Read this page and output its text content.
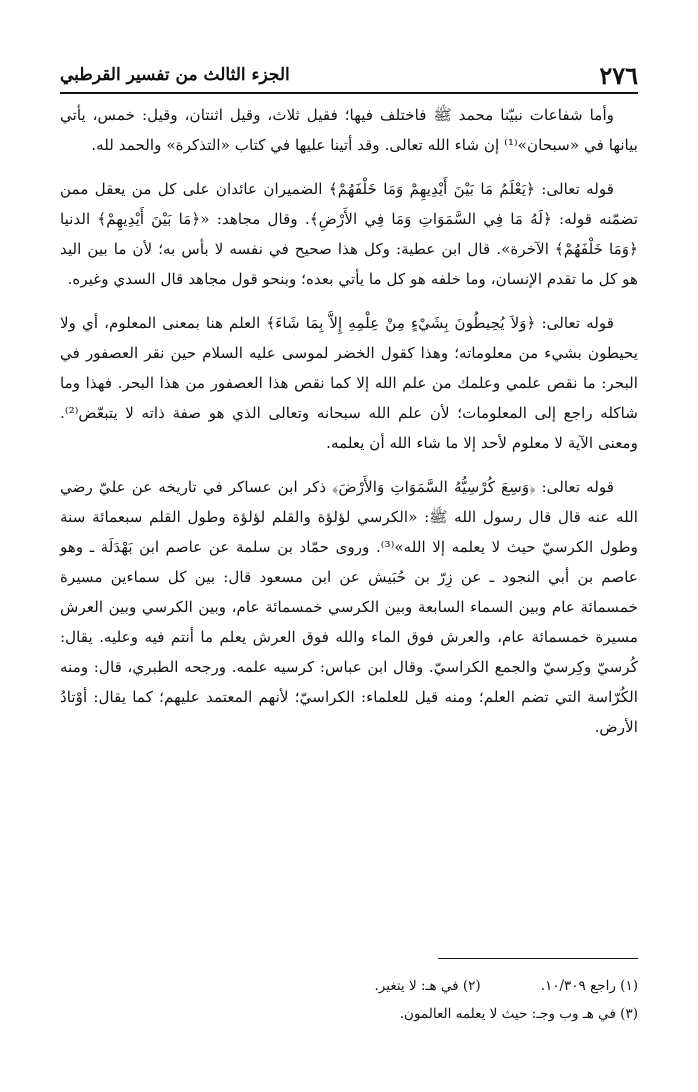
٢٧٦
الجزء الثالث من تفسير القرطبي

وأما شفاعات نبيّنا محمد ﷺ فاختلف فيها؛ فقيل ثلاث، وقيل اثنتان، وقيل: خمس، يأتي بيانها في «سبحان»⁽¹⁾ إن شاء الله تعالى. وقد أتينا عليها في كتاب «التذكرة» والحمد لله.

قوله تعالى: ﴿يَعْلَمُ مَا بَيْنَ أَيْدِيهِمْ وَمَا خَلْفَهُمْ﴾ الضميران عائدان على كل من يعقل ممن تضمّنه قوله: ﴿لَهُ مَا فِي السَّمَوَاتِ وَمَا فِي الأَرْضِ﴾. وقال مجاهد: «﴿مَا بَيْنَ أَيْدِيهِمْ﴾ الدنيا ﴿وَمَا خَلْفَهُمْ﴾ الآخرة». قال ابن عطية: وكل هذا صحيح في نفسه لا بأس به؛ لأن ما بين اليد هو كل ما تقدم الإنسان، وما خلفه هو كل ما يأتي بعده؛ وبنحو قول مجاهد قال السدي وغيره.

قوله تعالى: ﴿وَلاَ يُحِيطُونَ بِشَيْءٍ مِنْ عِلْمِهِ إِلاَّ بِمَا شَاءَ﴾ العلم هنا بمعنى المعلوم، أي ولا يحيطون بشيء من معلوماته؛ وهذا كقول الخضر لموسى عليه السلام حين نقر العصفور في البحر: ما نقص علمي وعلمك من علم الله إلا كما نقص هذا العصفور من هذا البحر. فهذا وما شاكله راجع إلى المعلومات؛ لأن علم الله سبحانه وتعالى الذي هو صفة ذاته لا يتبعّض⁽²⁾. ومعنى الآية لا معلوم لأحد إلا ما شاء الله أن يعلمه.

قوله تعالى: ﴿وَسِعَ كُرْسِيُّهُ السَّمَوَاتِ وَالأَرْضَ﴾ ذكر ابن عساكر في تاريخه عن عليّ رضي الله عنه قال قال رسول الله ﷺ: «الكرسي لؤلؤة والقلم لؤلؤة وطول القلم سبعمائة سنة وطول الكرسيّ حيث لا يعلمه إلا الله»⁽³⁾. وروى حمّاد بن سلمة عن عاصم ابن بَهْدَلَة ـ وهو عاصم بن أبي النجود ـ عن زِرّ بن حُبَيش عن ابن مسعود قال: بين كل سماءين مسيرة خمسمائة عام وبين السماء السابعة وبين الكرسي خمسمائة عام، وبين الكرسي وبين العرش مسيرة خمسمائة عام، والعرش فوق الماء والله فوق العرش يعلم ما أنتم فيه وعليه. يقال: كُرسيّ وكِرسيّ والجمع الكراسيّ. وقال ابن عباس: كرسيه علمه. ورجحه الطبري، قال: ومنه الكُرّاسة التي تضم العلم؛ ومنه قيل للعلماء: الكراسيّ؛ لأنهم المعتمد عليهم؛ كما يقال: أوْتادُ الأرض.

(١) راجع ١٠/٣٠٩.
(٢) في هـ: لا يتغير.
(٣) في هـ وب وجـ: حيث لا يعلمه العالمون.
